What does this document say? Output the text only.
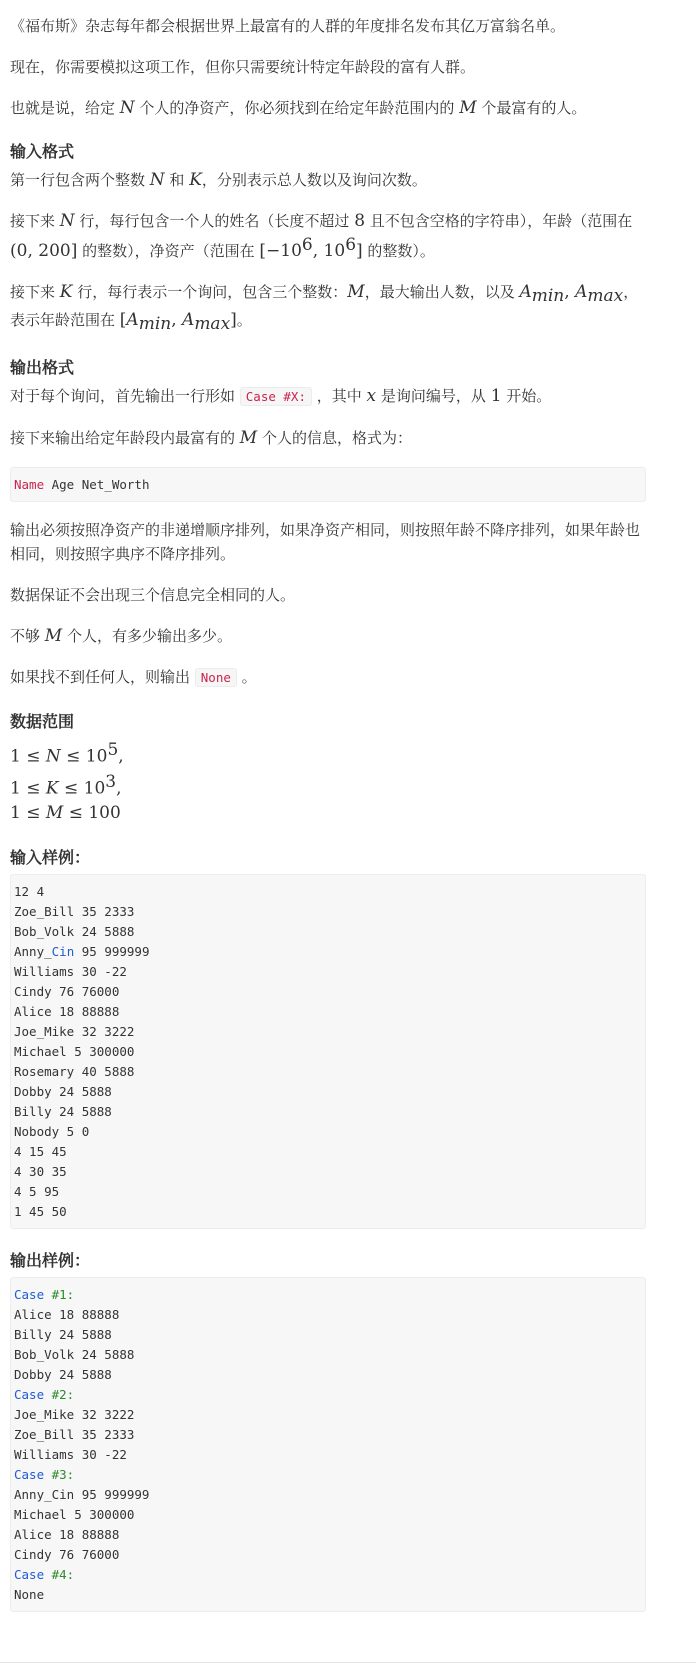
《福布斯》杂志每年都会根据世界上最富有的人群的年度排名发布其亿万富翁名单。

现在，你需要模拟这项工作，但你只需要统计特定年龄段的富有人群。

也就是说，给定 N 个人的净资产，你必须找到在给定年龄范围内的 M 个最富有的人。

输入格式

第一行包含两个整数 N 和 K，分别表示总人数以及询问次数。

接下来 N 行，每行包含一个人的姓名（长度不超过 8 且不包含空格的字符串），年龄（范围在 (0, 200] 的整数），净资产（范围在 [$-10^6$, $10^6$] 的整数）。

接下来 K 行，每行表示一个询问，包含三个整数：M，最大输出人数，以及 $A_{min}$, $A_{max}$，表示年龄范围在 [$A_{min}$, $A_{max}$]。

输出格式

对于每个询问，首先输出一行形如 Case #X: ，其中 x 是询问编号，从 1 开始。

接下来输出给定年龄段内最富有的 M 个人的信息，格式为：

Name Age Net_Worth

输出必须按照净资产的非递增顺序排列，如果净资产相同，则按照年龄不降序排列，如果年龄也相同，则按照字典序不降序排列。

数据保证不会出现三个信息完全相同的人。

不够 M 个人，有多少输出多少。

如果找不到任何人，则输出 None 。

数据范围
$1 \le N \le 10^5$,
$1 \le K \le 10^3$,
1 ≤ M ≤ 100
输入样例：
12 4
Zoe_Bill 35 2333
Bob_Volk 24 5888
Anny_Cin 95 999999
Williams 30 -22
Cindy 76 76000
Alice 18 88888
Joe_Mike 32 3222
Michael 5 300000
Rosemary 40 5888
Dobby 24 5888
Billy 24 5888
Nobody 5 0
4 15 45
4 30 35
4 5 95
1 45 50
输出样例：
Case #1:
Alice 18 88888
Billy 24 5888
Bob_Volk 24 5888
Dobby 24 5888
Case #2:
Joe_Mike 32 3222
Zoe_Bill 35 2333
Williams 30 -22
Case #3:
Anny_Cin 95 999999
Michael 5 300000
Alice 18 88888
Cindy 76 76000
Case #4:
None
